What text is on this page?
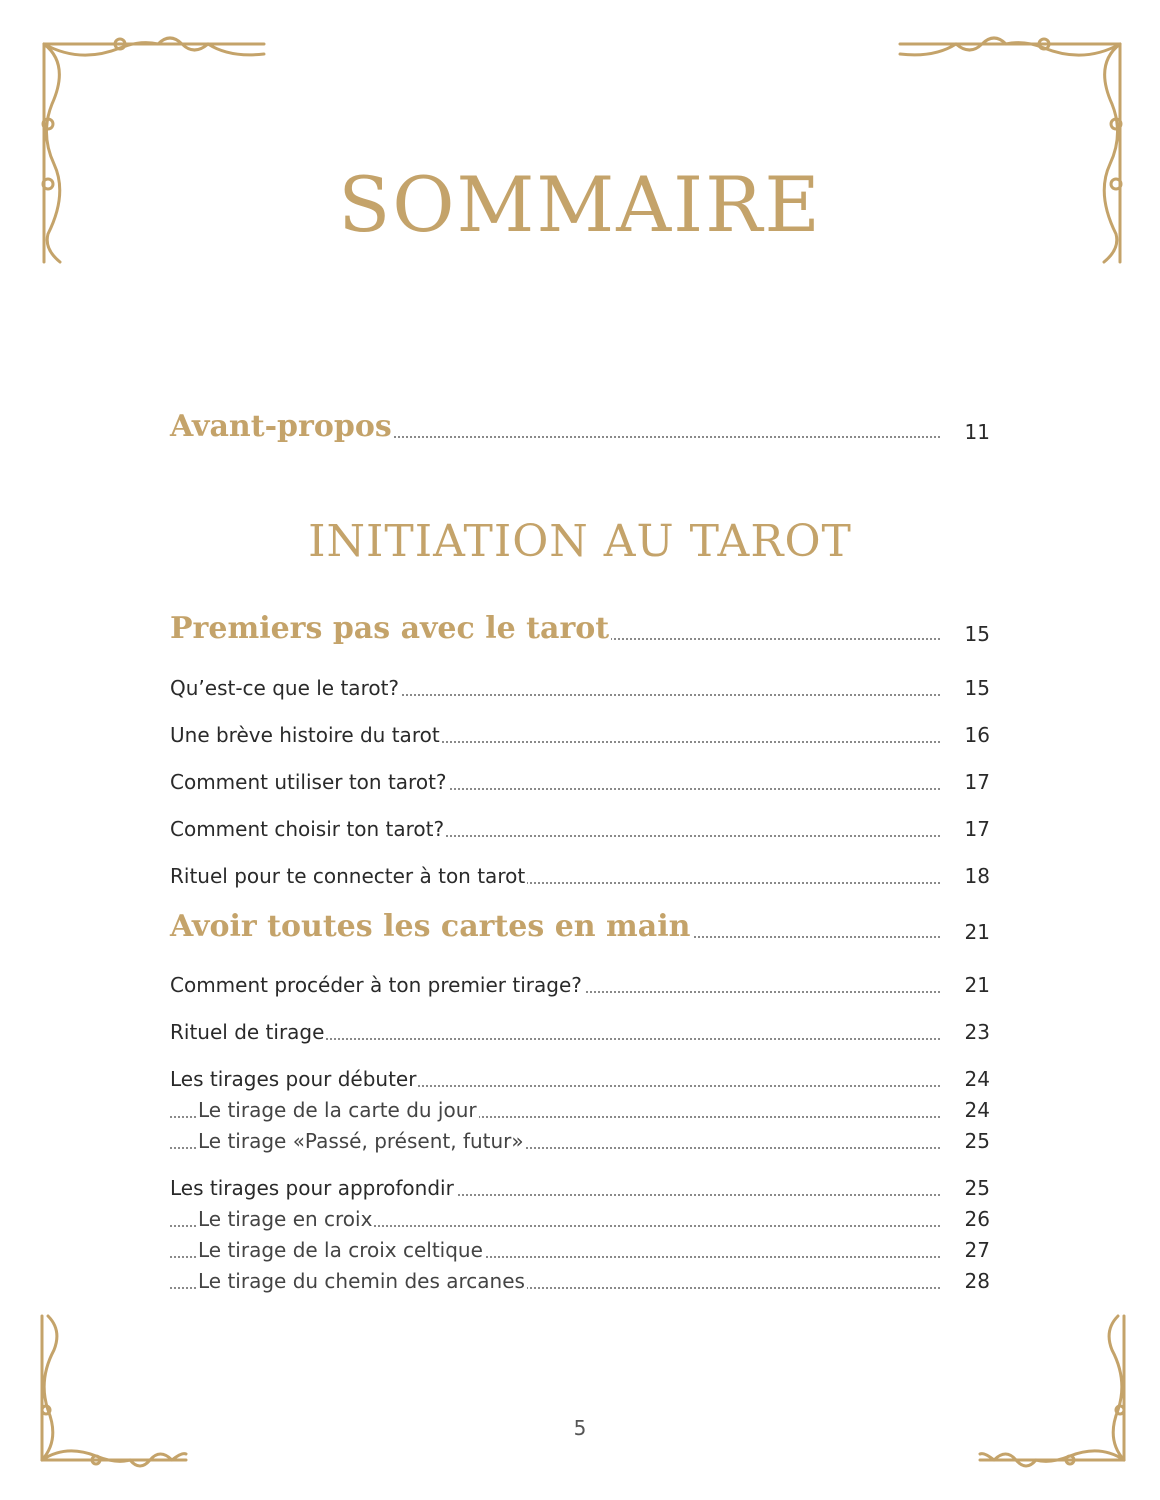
SOMMAIRE
Avant-propos	11
INITIATION AU TAROT
Premiers pas avec le tarot	15
Qu’est-ce que le tarot?	15
Une brève histoire du tarot	16
Comment utiliser ton tarot?	17
Comment choisir ton tarot?	17
Rituel pour te connecter à ton tarot	18
Avoir toutes les cartes en main	21
Comment procéder à ton premier tirage?	21
Rituel de tirage	23
Les tirages pour débuter	24
Le tirage de la carte du jour	24
Le tirage «Passé, présent, futur»	25
Les tirages pour approfondir	25
Le tirage en croix	26
Le tirage de la croix celtique	27
Le tirage du chemin des arcanes	28
5
